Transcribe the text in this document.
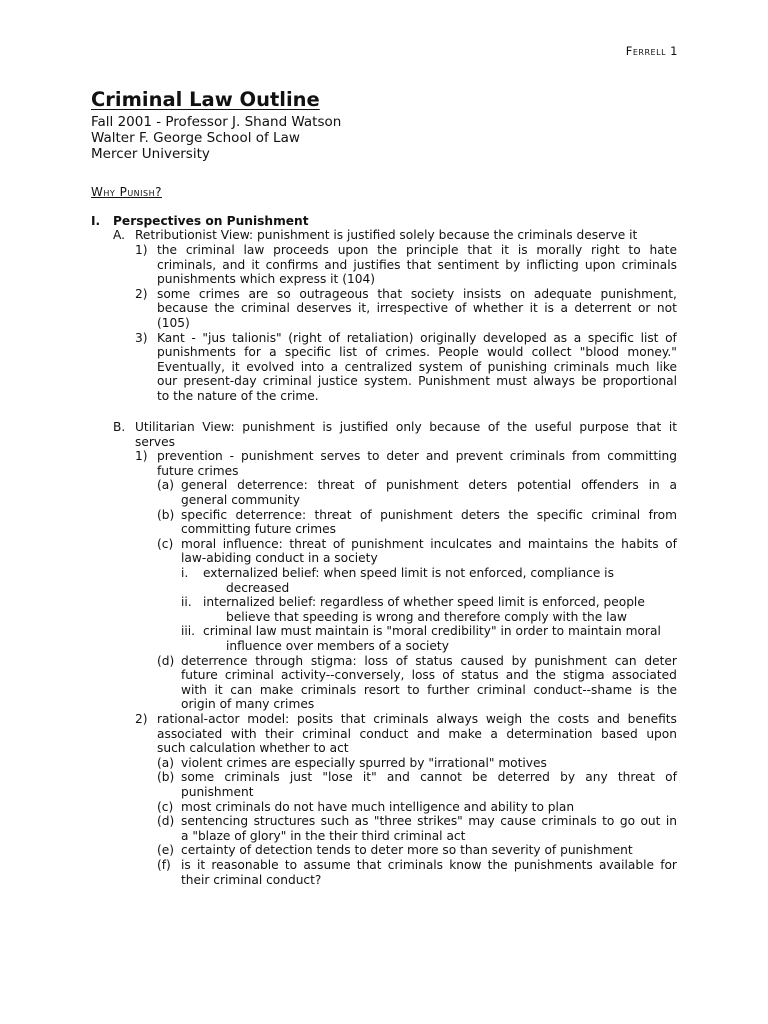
Ferrell 1
Criminal Law Outline
Fall 2001 - Professor J. Shand Watson
Walter F. George School of Law
Mercer University
Why Punish?
I. Perspectives on Punishment
A. Retributionist View: punishment is justified solely because the criminals deserve it
B.
1) the criminal law proceeds upon the principle that it is morally right to hate
criminals, and it confirms and justifies that sentiment by inflicting upon criminals
punishments which express it (104)
2) some crimes are so outrageous that society insists on adequate punishment,
because the criminal deserves it, irrespective of whether it is a deterrent or not
(105)
3) Kant - "jus talionis" (right of retaliation) originally developed as a specific list of
punishments for a specific list of crimes. People would collect "blood money."
Eventually, it evolved into a centralized system of punishing criminals much like
our present-day criminal justice system. Punishment must always be proportional
to the nature of the crime.
Utilitarian View: punishment is justified only because of the useful purpose that it
serves
1) prevention - punishment serves to deter and prevent criminals from committing
future crimes
(a) general deterrence: threat of punishment deters potential offenders in a
general community
(b) specific deterrence: threat of punishment deters the specific criminal from
committing future crimes
(c) moral influence: threat of punishment inculcates and maintains the habits of
law-abiding conduct in a society
i. externalized belief: when speed limit is not enforced, compliance is
decreased
ii. internalized belief: regardless of whether speed limit is enforced, people
believe that speeding is wrong and therefore comply with the law
iii. criminal law must maintain is "moral credibility" in order to maintain moral
influence over members of a society
(d) deterrence through stigma: loss of status caused by punishment can deter
future criminal activity--conversely, loss of status and the stigma associated
with it can make criminals resort to further criminal conduct--shame is the
origin of many crimes
2) rational-actor model: posits that criminals always weigh the costs and benefits
associated with their criminal conduct and make a determination based upon
such calculation whether to act
(a) violent crimes are especially spurred by "irrational" motives
(b) some criminals just "lose it" and cannot be deterred by any threat of
punishment
(c) most criminals do not have much intelligence and ability to plan
(d) sentencing structures such as "three strikes" may cause criminals to go out in
a "blaze of glory" in the their third criminal act
(e) certainty of detection tends to deter more so than severity of punishment
(f) is it reasonable to assume that criminals know the punishments available for
their criminal conduct?
